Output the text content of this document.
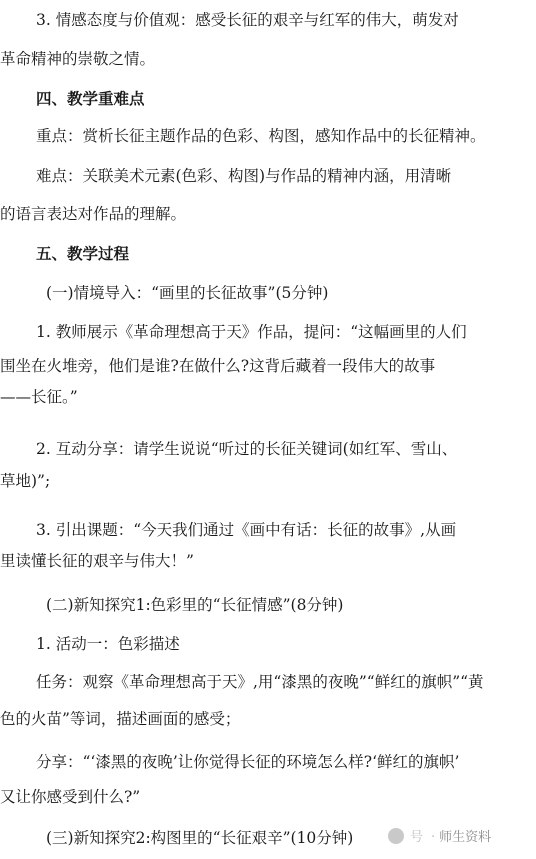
3. 情感态度与价值观：感受长征的艰辛与红军的伟大，萌发对
革命精神的崇敬之情。
四、教学重难点
重点：赏析长征主题作品的色彩、构图，感知作品中的长征精神。
难点：关联美术元素(色彩、构图)与作品的精神内涵，用清晰
的语言表达对作品的理解。
五、教学过程
(一)情境导入：“画里的长征故事”(5分钟)
1. 教师展示《革命理想高于天》作品，提问：“这幅画里的人们
围坐在火堆旁，他们是谁?在做什么?这背后藏着一段伟大的故事
——长征。”
2. 互动分享：请学生说说“听过的长征关键词(如红军、雪山、
草地)”;
3. 引出课题：“今天我们通过《画中有话：长征的故事》,从画
里读懂长征的艰辛与伟大！”
(二)新知探究1:色彩里的“长征情感”(8分钟)
1. 活动一：色彩描述
任务：观察《革命理想高于天》,用“漆黑的夜晚”“鲜红的旗帜”“黄
色的火苗”等词，描述画面的感受；
分享：“‘漆黑的夜晚’让你觉得长征的环境怎么样?‘鲜红的旗帜’
又让你感受到什么?”
(三)新知探究2:构图里的“长征艰辛”(10分钟)	号 · 师生资料
